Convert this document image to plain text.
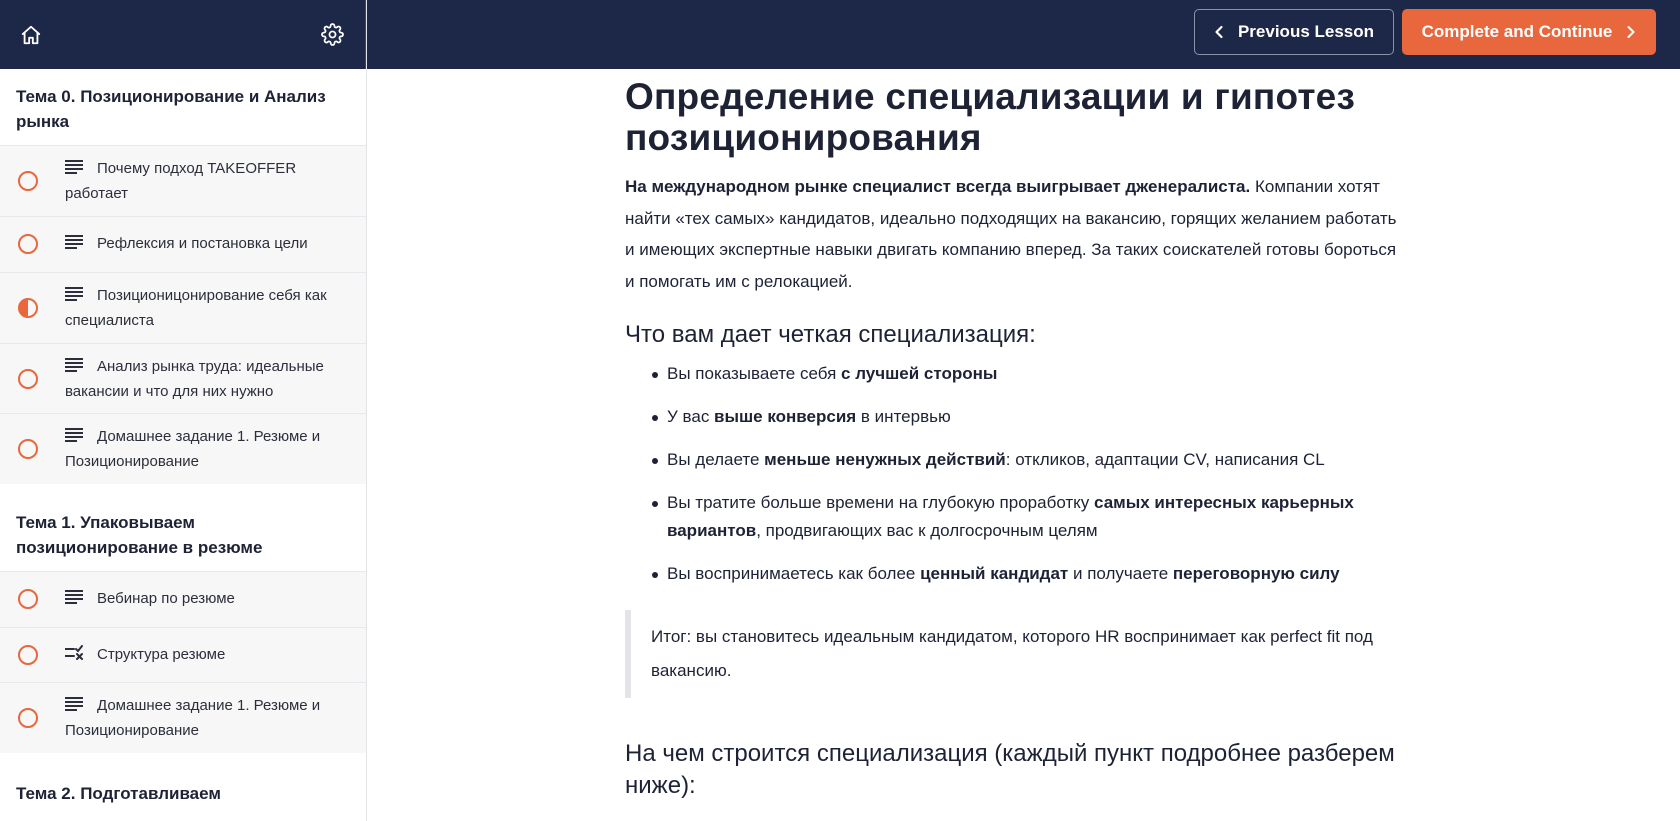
Тема 0. Позиционирование и Анализ рынка
Почему подход TAKEOFFER работает
Рефлексия и постановка цели
Позиционицонирование себя как специалиста
Анализ рынка труда: идеальные вакансии и что для них нужно
Домашнее задание 1. Резюме и Позиционирование
Тема 1. Упаковываем позиционирование в резюме
Вебинар по резюме
Структура резюме
Домашнее задание 1. Резюме и Позиционирование
Тема 2. Подготавливаем
Previous Lesson	Complete and Continue
Определение специализации и гипотез позиционирования

На международном рынке специалист всегда выигрывает дженералиста. Компании хотят найти «тех самых» кандидатов, идеально подходящих на вакансию, горящих желанием работать и имеющих экспертные навыки двигать компанию вперед. За таких соискателей готовы бороться и помогать им с релокацией.

Что вам дает четкая специализация:
Вы показываете себя с лучшей стороны
У вас выше конверсия в интервью
Вы делаете меньше ненужных действий: откликов, адаптации CV, написания CL
Вы тратите больше времени на глубокую проработку самых интересных карьерных вариантов, продвигающих вас к долгосрочным целям
Вы воспринимаетесь как более ценный кандидат и получаете переговорную силу
Итог: вы становитесь идеальным кандидатом, которого HR воспринимает как perfect fit под вакансию.
На чем строится специализация (каждый пункт подробнее разберем ниже):
